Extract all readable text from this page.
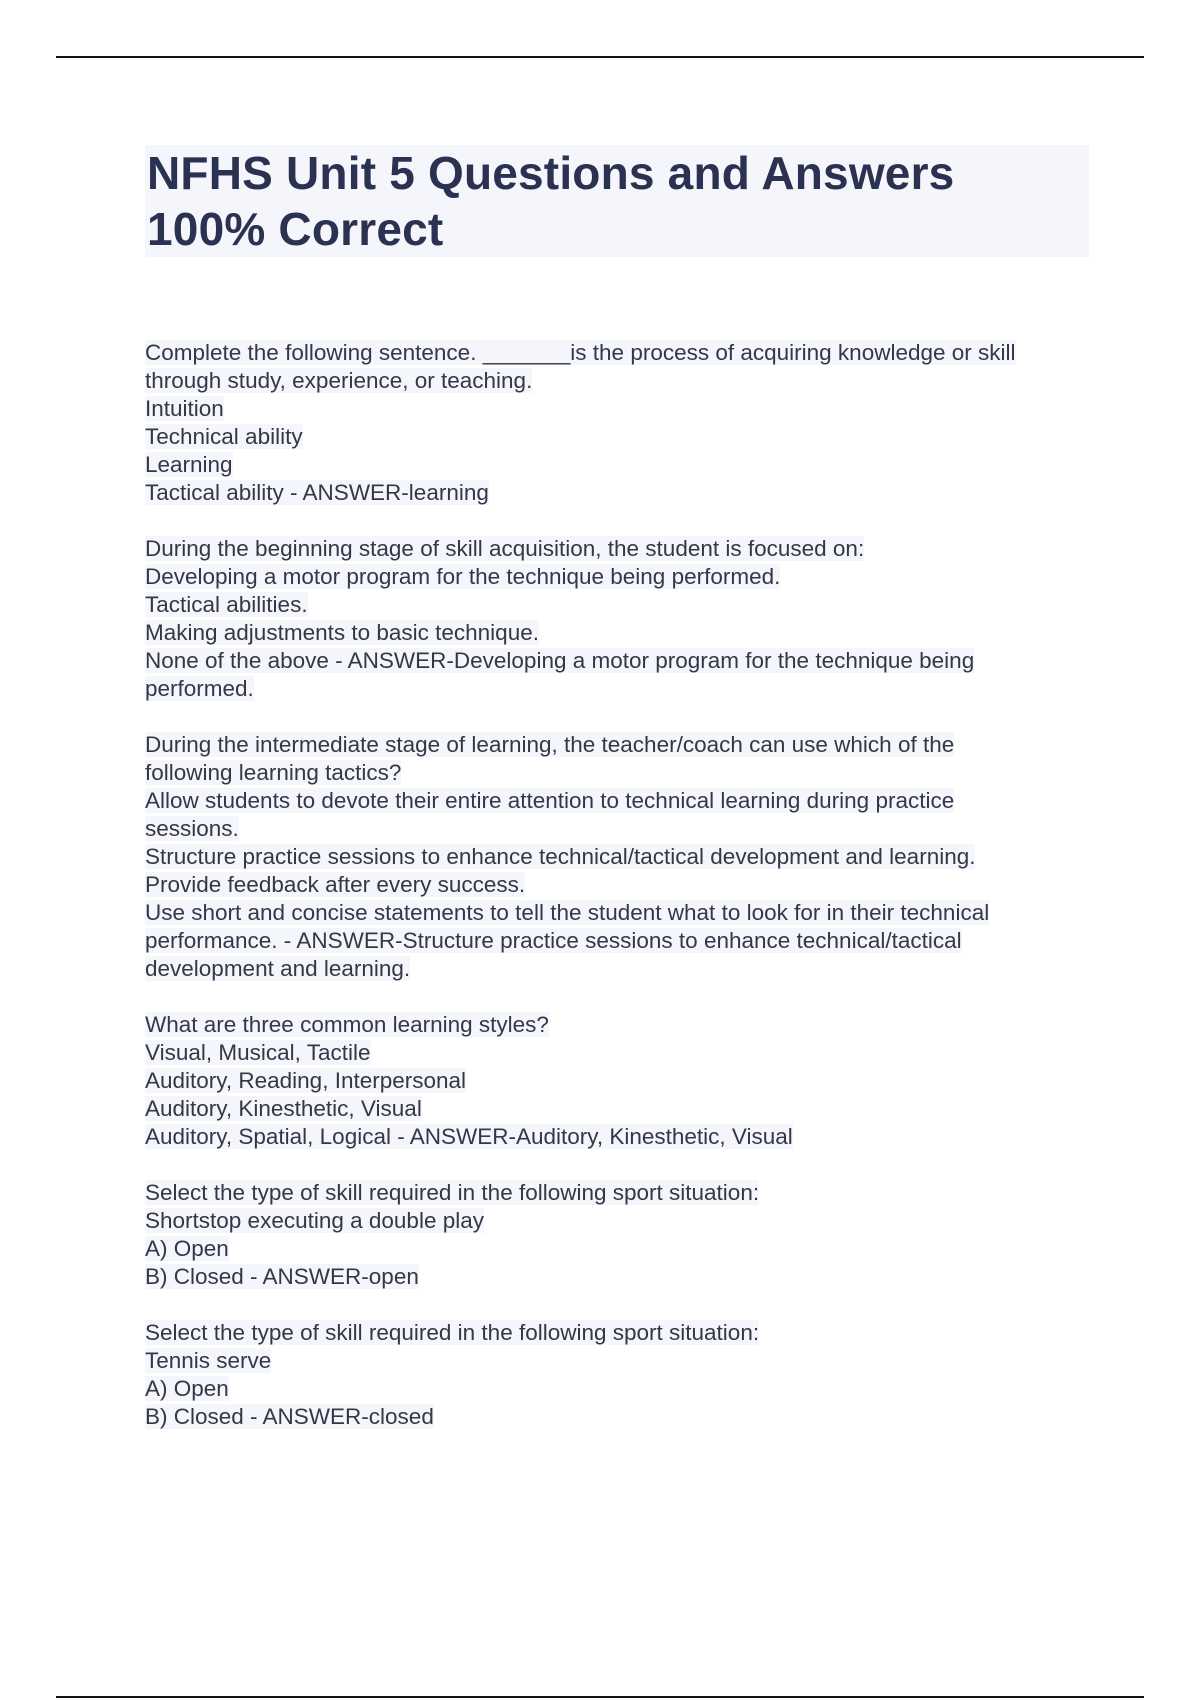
NFHS Unit 5 Questions and Answers
100% Correct
Complete the following sentence. _______is the process of acquiring knowledge or skill
through study, experience, or teaching.
Intuition
Technical ability
Learning
Tactical ability - ANSWER-learning
During the beginning stage of skill acquisition, the student is focused on:
Developing a motor program for the technique being performed.
Tactical abilities.
Making adjustments to basic technique.
None of the above - ANSWER-Developing a motor program for the technique being
performed.
During the intermediate stage of learning, the teacher/coach can use which of the
following learning tactics?
Allow students to devote their entire attention to technical learning during practice
sessions.
Structure practice sessions to enhance technical/tactical development and learning.
Provide feedback after every success.
Use short and concise statements to tell the student what to look for in their technical
performance. - ANSWER-Structure practice sessions to enhance technical/tactical
development and learning.
What are three common learning styles?
Visual, Musical, Tactile
Auditory, Reading, Interpersonal
Auditory, Kinesthetic, Visual
Auditory, Spatial, Logical - ANSWER-Auditory, Kinesthetic, Visual
Select the type of skill required in the following sport situation:
Shortstop executing a double play
A) Open
B) Closed - ANSWER-open
Select the type of skill required in the following sport situation:
Tennis serve
A) Open
B) Closed - ANSWER-closed
